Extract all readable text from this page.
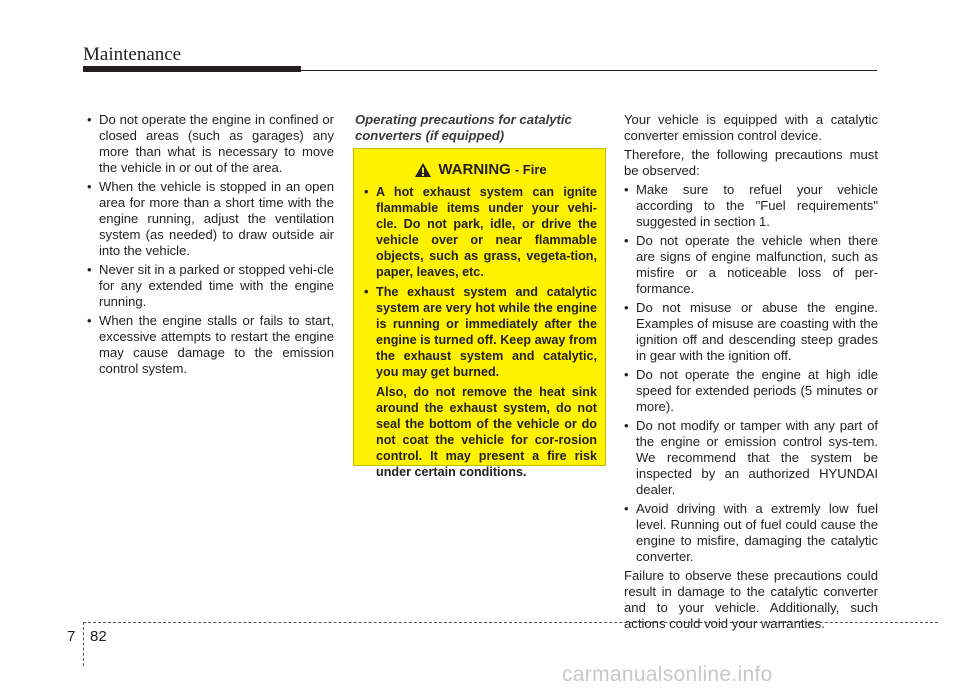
Maintenance
• Do not operate the engine in confined or closed areas (such as garages) any more than what is necessary to move the vehicle in or out of the area.
• When the vehicle is stopped in an open area for more than a short time with the engine running, adjust the ventilation system (as needed) to draw outside air into the vehicle.
• Never sit in a parked or stopped vehi-cle for any extended time with the engine running.
• When the engine stalls or fails to start, excessive attempts to restart the engine may cause damage to the emission control system.
Operating precautions for catalytic converters (if equipped)
WARNING - Fire
• A hot exhaust system can ignite flammable items under your vehi-cle. Do not park, idle, or drive the vehicle over or near flammable objects, such as grass, vegeta-tion, paper, leaves, etc.
• The exhaust system and catalytic system are very hot while the engine is running or immediately after the engine is turned off. Keep away from the exhaust system and catalytic, you may get burned.
Also, do not remove the heat sink around the exhaust system, do not seal the bottom of the vehicle or do not coat the vehicle for cor-rosion control. It may present a fire risk under certain conditions.

Your vehicle is equipped with a catalytic converter emission control device.

Therefore, the following precautions must be observed:

• Make sure to refuel your vehicle according to the "Fuel requirements" suggested in section 1.
• Do not operate the vehicle when there are signs of engine malfunction, such as misfire or a noticeable loss of per-formance.
• Do not misuse or abuse the engine. Examples of misuse are coasting with the ignition off and descending steep grades in gear with the ignition off.
• Do not operate the engine at high idle speed for extended periods (5 minutes or more).
• Do not modify or tamper with any part of the engine or emission control sys-tem. We recommend that the system be inspected by an authorized HYUNDAI dealer.
• Avoid driving with a extremly low fuel level. Running out of fuel could cause the engine to misfire, damaging the catalytic converter.

Failure to observe these precautions could result in damage to the catalytic converter and to your vehicle. Additionally, such actions could void your warranties.

7 82
carmanualsonline.info
